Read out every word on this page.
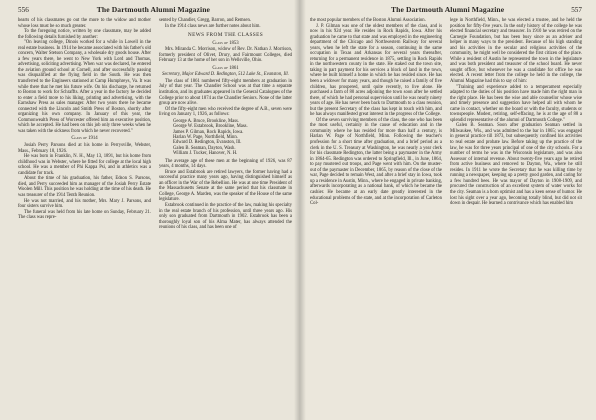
556	The Dartmouth Alumni Magazine

hearts of his classmates go out the more to the widow and mother whose loss must be so much greater.

To the foregoing notice, written by one classmate, may be added the following details furnished by another:

"On leaving college, Dinois worked for a while in Lowell in the real estate business. In 1914 he became associated with his father's old concern, Walter Stetson Company, a wholesale dry goods house. After a few years there, he went to New York with Lord and Thomas, advertising, soliciting advertising. When war was declared, he entered the aviation ground school at Cornell, and after successfully passing was disqualified at the flying field in the South. He was then transferred to the Engineers stationed at Camp Humphreys, Va. It was while there that he met his future wife. On his discharge, he returned to Boston to work for Schraffts. After a year in the factory he decided to enter a field more to his liking, printing and advertising, with the Earnshaw Press as sales manager. After two years there he became connected with the Lincoln and Smith Press of Boston, shortly after organizing his own company. In January of this year, the Commonwealth Press of Worcester offered him an executive position, which he accepted. He had been on this job only three weeks when he was taken with the sickness from which he never recovered."

Class of 1914

Josiah Perry Parsons died at his home in Perrysville, Webster, Mass., February 18, 1926.

He was born in Franklin, N. H., May 13, 1891, but his home from childhood was in Webster, where he fitted for college at the local high school. He was a member of Phi Kappa Psi, and in athletics was a candidate for track.

About the time of his graduation, his father, Edson S. Parsons, died, and Perry succeeded him as manager of the Josiah Perry Estate Woolen Mill. This position he was holding at the time of his death. He was treasurer of the 1914 Tenth Reunion.

He was not married, and his mother, Mrs. Mary J. Parsons, and four sisters survive him.

The funeral was held from his late home on Sunday, February 21. The class was repre-

sented by Chandler, Gregg, Barron, and Remsen.

In the 1914 class news are further notes about him.

NEWS FROM THE CLASSES
Class of 1853

Mrs. Miranda C. Morrison, widow of Rev. Dr. Nathan J. Morrison, formerly president of Olivet, Drury, and Fairmount Colleges, died February 13 at the home of her son in Wellsville, Ohio.

Class of 1861
Secretary, Major Edward D. Redington, 512 Lake St., Evanston, Ill.

The class of 1861 numbered fifty-eight members at graduation in July of that year. The Chandler School was at that time a separate institution, and its graduates appeared in the General Catalogues of the College prior to about 1874 as the Chandler Seniors. None of the latter group are now alive.

Of the fifty-eight men who received the degree of A.B., seven were living on January 1, 1926, as follows:

George A. Bruce, Brookline, Mass.
George W. Estabrook, Brookline, Mass.
James P. Gilman, Rock Rapids, Iowa.
Harlan W. Page, Northfield, Minn.
Edward D. Redington, Evanston, Ill.
Galen B. Seaman, Dayton, Wash.
William J. Tucker, Hanover, N. H.

The average age of these men at the beginning of 1926, was 87 years, 4 months, 14 days.

Bruce and Estabrook are retired lawyers, the former having had a successful practice many years ago, having distinguished himself as an officer in the War of the Rebellion. He was at one time President of the Massachusetts Senate at the same period that his classmate in College, George A. Marden, was the speaker of the House of the same legislature.

Estabrook continued in the practice of the law, making his specialty in the real estate branch of his profession, until three years ago. His only son graduated from Dartmouth in 1902. Estabrook has been a thoroughly loyal son of his Alma Mater, has always attended the reunions of his class, and has been one of

The Dartmouth Alumni Magazine	557

the most popular members of the Boston Alumni Association.

J. P. Gilman was one of the oldest members of the class, and is now in his 92d year. He resides in Rock Rapids, Iowa. After his graduation he came to that state and was employed in the engineering department of the Chicago and Northwestern Railway for several years, when he left the state for a season, continuing in the same occupation in Texas and Arkansas for several years thereafter, returning for a permanent residence in 1875, settling in Rock Rapids in the northwestern county in the state. He staked out the town site, taking in part payment for his services a block of land in the town, where he built himself a home in which he has resided since. He has been a widower for many years, and though he raised a family of five children, has prospered, until quite recently, to live alone. He purchased a farm of 80 acres adjoining the town soon after he settled there, of which he had personal supervision until he was nearly ninety years of age. He has never been back to Dartmouth to a class reunion, but the present Secretary of the class has kept in touch with him, and he has always manifested great interest in the progress of the College.

Of the seven surviving members of the class, the one who has been the most useful, certainly in the cause of education and in the community where he has resided for more than half a century, is Harlan W. Page of Northfield, Minn. Following the teacher's profession for a short time after graduation, and a brief period as a clerk in the U. S. Treasury at Washington, he was nearly a year clerk for his classmate Redington, the latter being a paymaster in the Army in 1864-65. Redington was ordered to Springfield, Ill., in June, 1864, to pay mustered out troops, and Page went with him. On the muster-out of the paymaster in December, 1865, by reason of the close of the war, Page decided to remain West, and after a brief stay in Iowa, took up a residence in Austin, Minn., where he engaged in private banking, afterwards incorporating as a national bank, of which he became the cashier. He became at an early date greatly interested in the educational problems of the state, and at the incorporation of Carleton Col-

lege in Northfield, Minn., he was elected a trustee, and he held the position for fifty-five years. In the early history of the college he was elected financial secretary and treasurer. In 1910 he was retired on the Carnegie Foundation, but has been busy since as an adviser and helper in many ways to the president. Because of his high standing and his activities in the secular and religious activities of the community, he might well be considered the first citizen of the place. While a resident of Austin he represented the town in the legislature and was both president and treasurer of the school board. He never sought office, but whenever he was a candidate for office he was elected. A recent letter from the college he held in the college, the Alumni Magazine had this to say of him:

"Training and experience added to a temperament especially adapted to the duties of his position have made him the right man in the right place. He has been the wise and able counsellor whose wise and timely presence and suggestion have helped all with whom he came in contact, whether on the board or with the faculty, students or townspeople. Modest, retiring, self-effacing, he is at the age of 88 a splendid representative of the alumni of Dartmouth College."

Galen B. Seaman. Soon after graduation Seaman settled in Milwaukee, Wis., and was admitted to the bar in 1865; was engaged in general practice till 1873, but subsequently confined his activities to real estate and probate law. Before taking up the practice of the law, he was for three years principal of one of the city schools. For a number of terms he was in the Wisconsin legislature, and was also Assessor of internal revenue. About twenty-five years ago he retired from active business and removed to Dayton, Wa., where he still resides. In 1911 he wrote the Secretary that he was killing time by running a newspaper, keeping up a pretty good garden, and caring for a few hundred bees. He was mayor of Dayton in 1908-1909, and procured the construction of an excellent system of water works for the city. Seaman is a born optimist and has a keen sense of humor. He lost his sight over a year ago, becoming totally blind, but did not sit down in despair. He learned a contrivance which has enabled him
